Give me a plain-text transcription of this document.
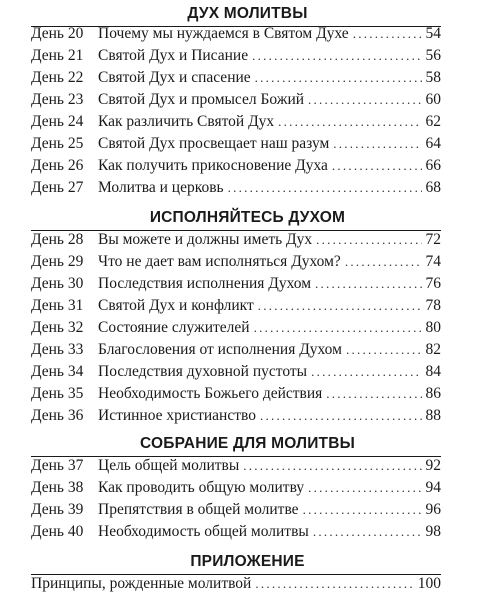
ДУХ МОЛИТВЫ
День 20 Почему мы нуждаемся в Святом Духе . . .	54
День 21 Святой Дух и Писание . . .	56
День 22 Святой Дух и спасение . . .	58
День 23 Святой Дух и промысел Божий . . .	60
День 24 Как различить Святой Дух . . .	62
День 25 Святой Дух просвещает наш разум . . .	64
День 26 Как получить прикосновение Духа . . .	66
День 27 Молитва и церковь . . .	68
ИСПОЛНЯЙТЕСЬ ДУХОМ
День 28 Вы можете и должны иметь Дух . . .	72
День 29 Что не дает вам исполняться Духом? . . .	74
День 30 Последствия исполнения Духом . . .	76
День 31 Святой Дух и конфликт . . .	78
День 32 Состояние служителей . . .	80
День 33 Благословения от исполнения Духом . . .	82
День 34 Последствия духовной пустоты . . .	84
День 35 Необходимость Божьего действия . . .	86
День 36 Истинное христианство . . .	88
СОБРАНИЕ ДЛЯ МОЛИТВЫ
День 37 Цель общей молитвы . . .	92
День 38 Как проводить общую молитву . . .	94
День 39 Препятствия в общей молитве . . .	96
День 40 Необходимость общей молитвы . . .	98
ПРИЛОЖЕНИЕ
Принципы, рожденные молитвой . . .	100
